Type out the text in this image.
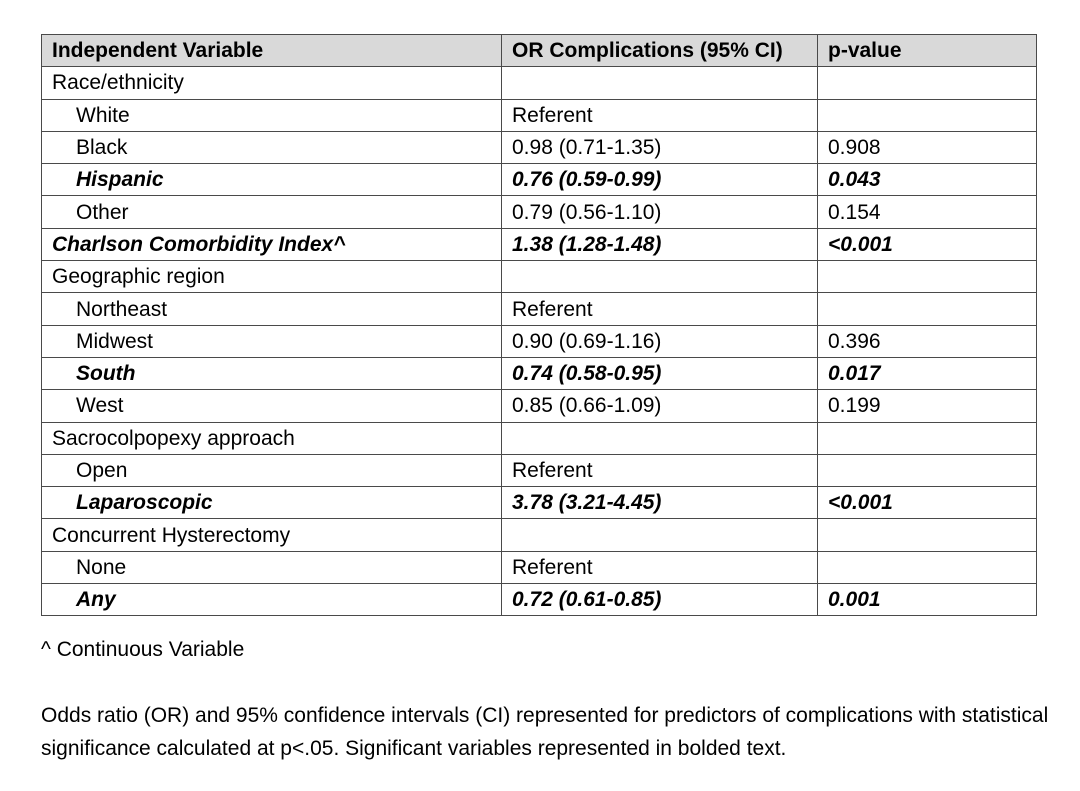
Independent Variable	OR Complications (95% CI)	p-value
Race/ethnicity		
White	Referent	
Black	0.98 (0.71-1.35)	0.908
Hispanic	0.76 (0.59-0.99)	0.043
Other	0.79 (0.56-1.10)	0.154
Charlson Comorbidity Index^	1.38 (1.28-1.48)	<0.001
Geographic region		
Northeast	Referent	
Midwest	0.90 (0.69-1.16)	0.396
South	0.74 (0.58-0.95)	0.017
West	0.85 (0.66-1.09)	0.199
Sacrocolpopexy approach		
Open	Referent	
Laparoscopic	3.78 (3.21-4.45)	<0.001
Concurrent Hysterectomy		
None	Referent	
Any	0.72 (0.61-0.85)	0.001

^ Continuous Variable

Odds ratio (OR) and 95% confidence intervals (CI) represented for predictors of complications with statistical significance calculated at p<.05. Significant variables represented in bolded text.
